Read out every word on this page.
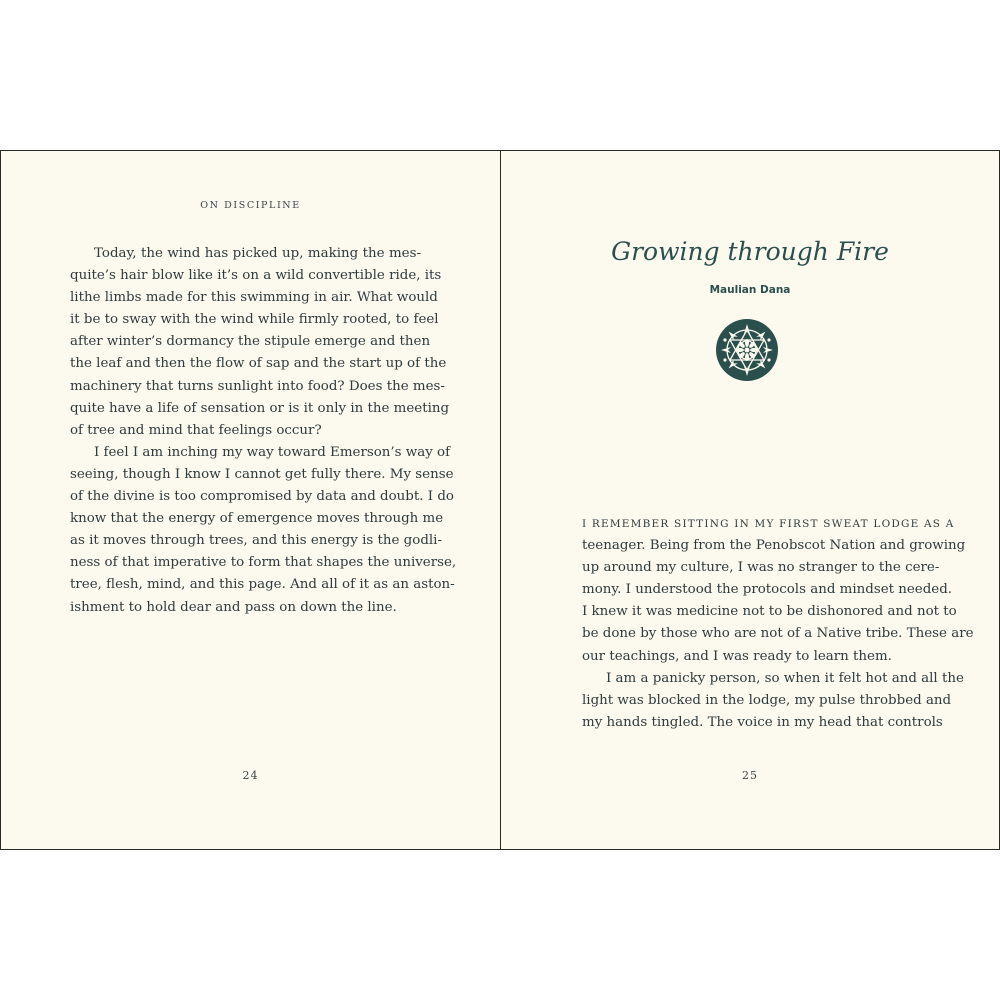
ON DISCIPLINE
Today, the wind has picked up, making the mes-
quite’s hair blow like it’s on a wild convertible ride, its
lithe limbs made for this swimming in air. What would
it be to sway with the wind while firmly rooted, to feel
after winter’s dormancy the stipule emerge and then
the leaf and then the flow of sap and the start up of the
machinery that turns sunlight into food? Does the mes-
quite have a life of sensation or is it only in the meeting
of tree and mind that feelings occur?
I feel I am inching my way toward Emerson’s way of
seeing, though I know I cannot get fully there. My sense
of the divine is too compromised by data and doubt. I do
know that the energy of emergence moves through me
as it moves through trees, and this energy is the godli-
ness of that imperative to form that shapes the universe,
tree, flesh, mind, and this page. And all of it as an aston-
ishment to hold dear and pass on down the line.
24
Growing through Fire
Maulian Dana
I REMEMBER SITTING IN MY FIRST SWEAT LODGE AS A
teenager. Being from the Penobscot Nation and growing
up around my culture, I was no stranger to the cere-
mony. I understood the protocols and mindset needed.
I knew it was medicine not to be dishonored and not to
be done by those who are not of a Native tribe. These are
our teachings, and I was ready to learn them.
I am a panicky person, so when it felt hot and all the
light was blocked in the lodge, my pulse throbbed and
my hands tingled. The voice in my head that controls
25
